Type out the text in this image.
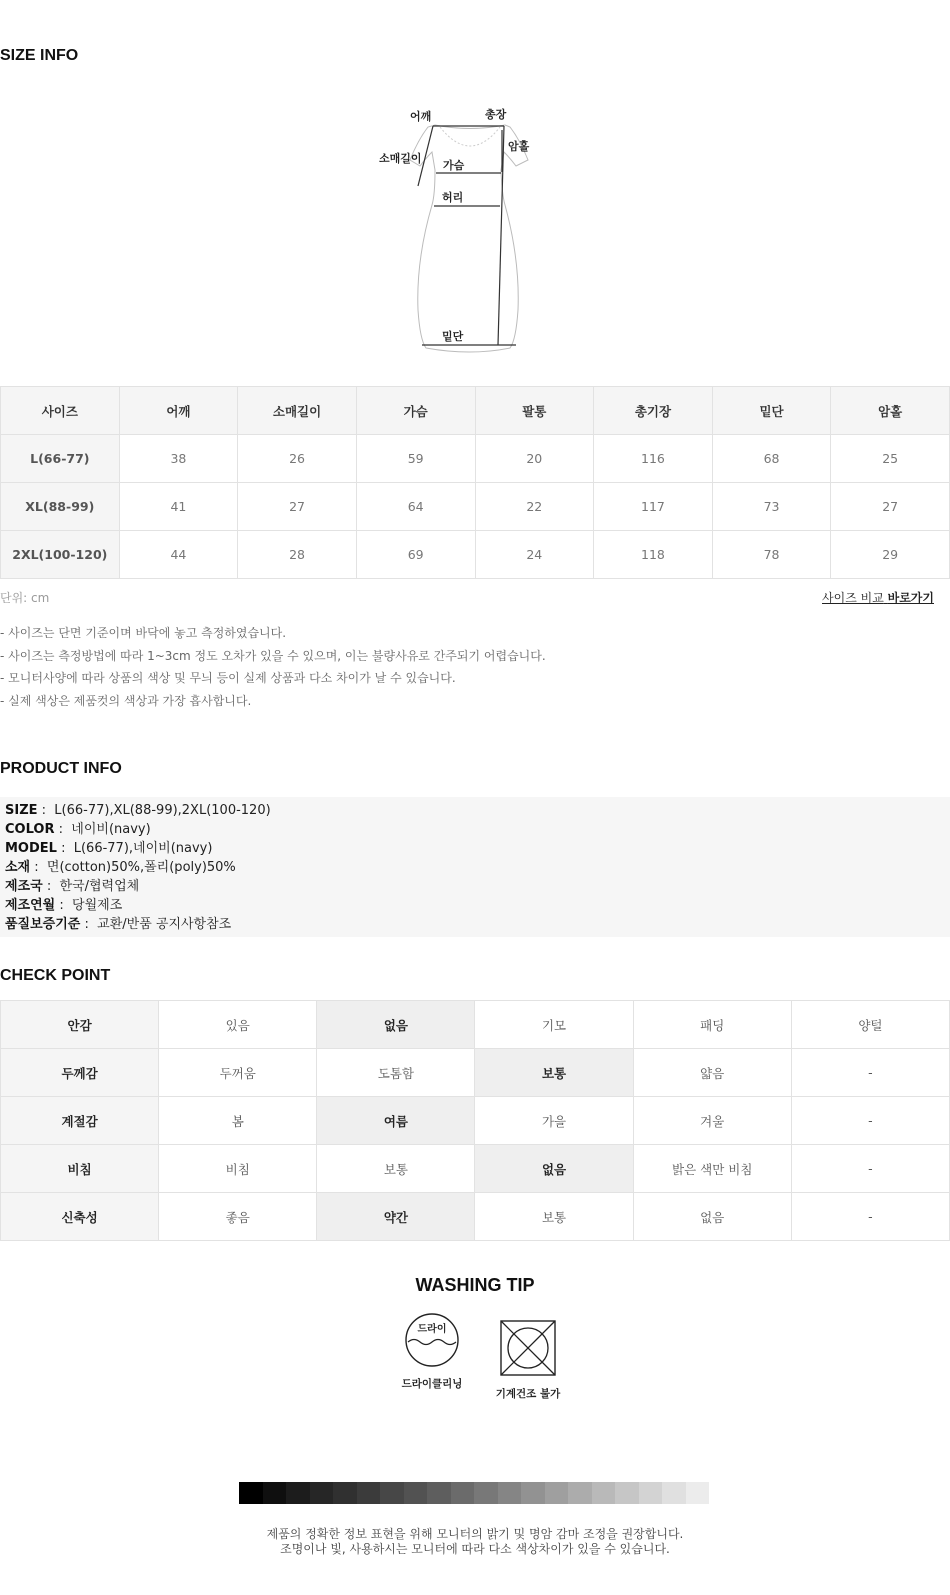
SIZE INFO
어깨	총장
소매길이
암홀
가슴
허리
밑단
사이즈	어깨	소매길이	가슴	팔통	총기장	밑단	암홀
L(66-77)	38	26	59	20	116	68	25
XL(88-99)	41	27	64	22	117	73	27
2XL(100-120)	44	28	69	24	118	78	29
단위: cm	사이즈 비교 바로가기
- 사이즈는 단면 기준이며 바닥에 놓고 측정하였습니다.
- 사이즈는 측정방법에 따라 1~3cm 정도 오차가 있을 수 있으며, 이는 불량사유로 간주되기 어렵습니다.
- 모니터사양에 따라 상품의 색상 및 무늬 등이 실제 상품과 다소 차이가 날 수 있습니다.
- 실제 색상은 제품컷의 색상과 가장 흡사합니다.
PRODUCT INFO
SIZE :  L(66-77),XL(88-99),2XL(100-120)
COLOR :  네이비(navy)
MODEL :  L(66-77),네이비(navy)
소재 :  면(cotton)50%,폴리(poly)50%
제조국 :  한국/협력업체
제조연월 :  당월제조
품질보증기준 :  교환/반품 공지사항참조
CHECK POINT
안감	있음	없음	기모	패딩	양털
두께감	두꺼움	도톰함	보통	얇음	-
계절감	봄	여름	가을	겨울	-
비침	비침	보통	없음	밝은 색만 비침	-
신축성	좋음	약간	보통	없음	-
WASHING TIP
드라이
드라이클리닝
기계건조 불가
제품의 정확한 정보 표현을 위해 모니터의 밝기 및 명암 감마 조정을 권장합니다.
조명이나 빛, 사용하시는 모니터에 따라 다소 색상차이가 있을 수 있습니다.
